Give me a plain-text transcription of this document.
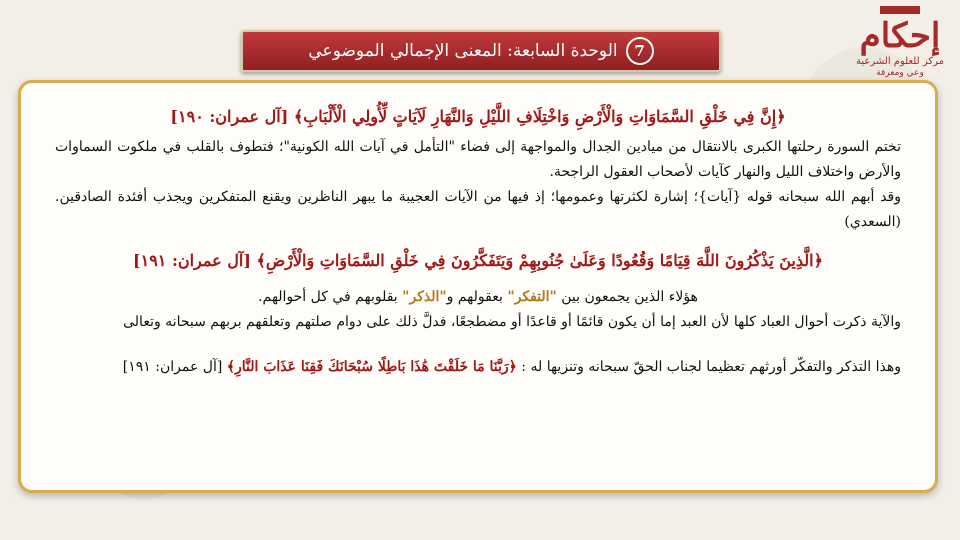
7
الوحدة السابعة: المعنى الإجمالي الموضوعي	إحكام
مركز للعلوم الشرعية
وعي ومعرفة

﴿إِنَّ فِي خَلْقِ السَّمَاوَاتِ وَالْأَرْضِ وَاخْتِلَافِ اللَّيْلِ وَالنَّهَارِ لَآيَاتٍ لِّأُولِي الْأَلْبَابِ﴾ [آل عمران: ١٩٠]

تختم السورة رحلتها الكبرى بالانتقال من ميادين الجدال والمواجهة إلى فضاء "التأمل في آيات الله الكونية"؛ فتطوف بالقلب في ملكوت السماوات والأرض واختلاف الليل والنهار كآيات لأصحاب العقول الراجحة.

وقد أبهم الله سبحانه قوله {آيات}؛ إشارة لكثرتها وعمومها؛ إذ فيها من الآيات العجيبة ما يبهر الناظرين ويقنع المتفكرين ويجذب أفئدة الصادقين. (السعدي)

﴿الَّذِينَ يَذْكُرُونَ اللَّهَ قِيَامًا وَقُعُودًا وَعَلَىٰ جُنُوبِهِمْ وَيَتَفَكَّرُونَ فِي خَلْقِ السَّمَاوَاتِ وَالْأَرْضِ﴾ [آل عمران: ١٩١]

هؤلاء الذين يجمعون بين "التفكر" بعقولهم و"الذكر" بقلوبهم في كل أحوالهم.

والآية ذكرت أحوال العباد كلها لأن العبد إما أن يكون قائمًا أو قاعدًا أو مضطجعًا، فدلَّ ذلك على دوام صلتهم وتعلقهم بربهم سبحانه وتعالى

وهذا التذكر والتفكّر أورثهم تعظيما لجناب الحقّ سبحانه وتنزيها له : ﴿رَبَّنَا مَا خَلَقْتَ هَٰذَا بَاطِلًا سُبْحَانَكَ فَقِنَا عَذَابَ النَّارِ﴾ [آل عمران: ١٩١]
